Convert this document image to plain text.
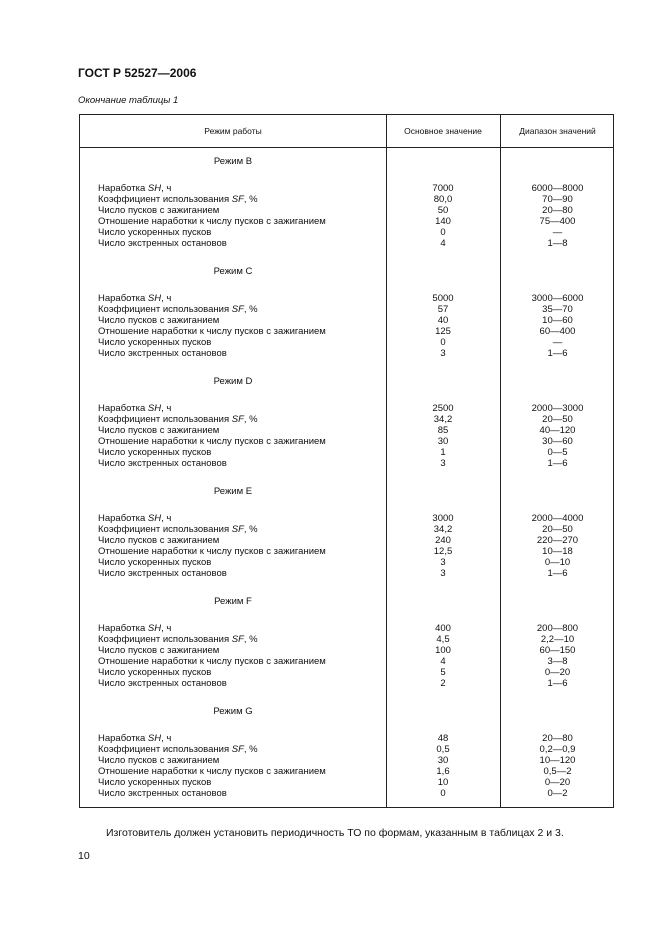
ГОСТ Р 52527—2006
Окончание таблицы 1
Режим работы	Основное значение	Диапазон значений
Режим B
Наработка SH, ч	7000	6000—8000
Коэффициент использования SF, %	80,0	70—90
Число пусков с зажиганием	50	20—80
Отношение наработки к числу пусков с зажиганием	140	75—400
Число ускоренных пусков	0	—
Число экстренных остановов	4	1—8
Режим C
Наработка SH, ч	5000	3000—6000
Коэффициент использования SF, %	57	35—70
Число пусков с зажиганием	40	10—60
Отношение наработки к числу пусков с зажиганием	125	60—400
Число ускоренных пусков	0	—
Число экстренных остановов	3	1—6
Режим D
Наработка SH, ч	2500	2000—3000
Коэффициент использования SF, %	34,2	20—50
Число пусков с зажиганием	85	40—120
Отношение наработки к числу пусков с зажиганием	30	30—60
Число ускоренных пусков	1	0—5
Число экстренных остановов	3	1—6
Режим E
Наработка SH, ч	3000	2000—4000
Коэффициент использования SF, %	34,2	20—50
Число пусков с зажиганием	240	220—270
Отношение наработки к числу пусков с зажиганием	12,5	10—18
Число ускоренных пусков	3	0—10
Число экстренных остановов	3	1—6
Режим F
Наработка SH, ч	400	200—800
Коэффициент использования SF, %	4,5	2,2—10
Число пусков с зажиганием	100	60—150
Отношение наработки к числу пусков с зажиганием	4	3—8
Число ускоренных пусков	5	0—20
Число экстренных остановов	2	1—6
Режим G
Наработка SH, ч	48	20—80
Коэффициент использования SF, %	0,5	0,2—0,9
Число пусков с зажиганием	30	10—120
Отношение наработки к числу пусков с зажиганием	1,6	0,5—2
Число ускоренных пусков	10	0—20
Число экстренных остановов	0	0—2
Изготовитель должен установить периодичность ТО по формам, указанным в таблицах 2 и 3.
10
